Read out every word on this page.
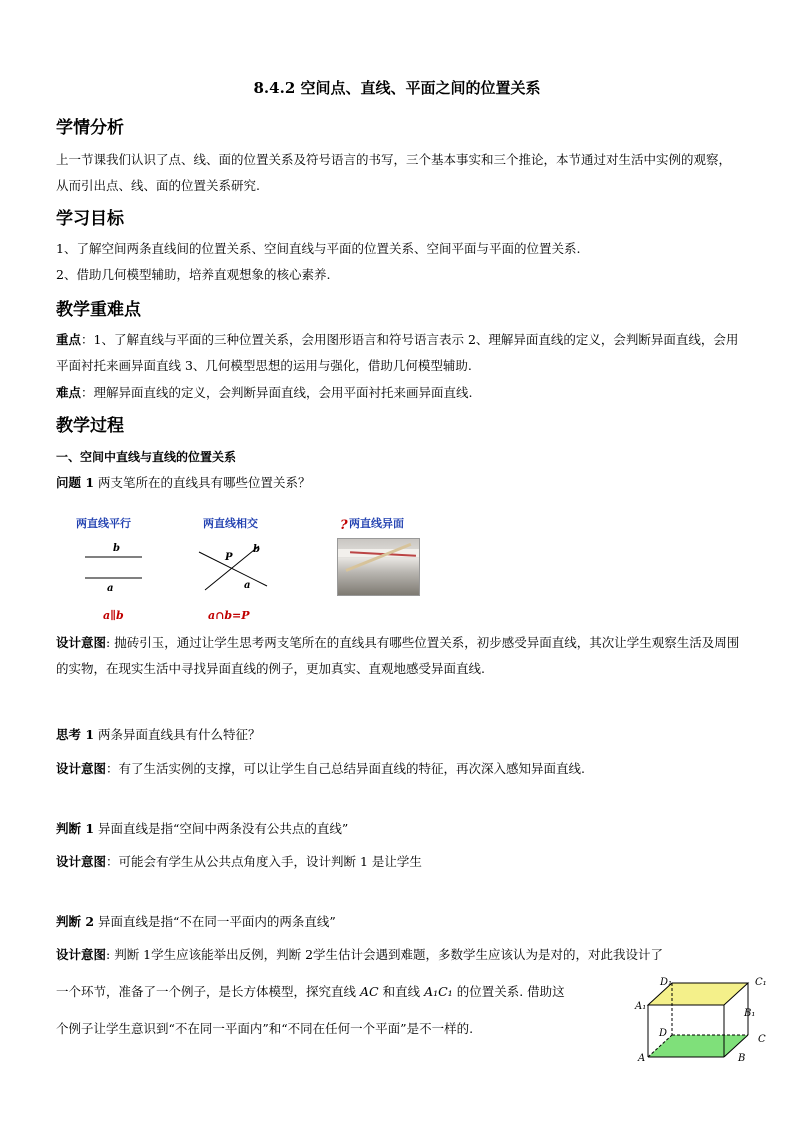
8.4.2 空间点、直线、平面之间的位置关系
学情分析
上一节课我们认识了点、线、面的位置关系及符号语言的书写，三个基本事实和三个推论，本节通过对生活中实例的观察，从而引出点、线、面的位置关系研究.
学习目标
1、了解空间两条直线间的位置关系、空间直线与平面的位置关系、空间平面与平面的位置关系.
2、借助几何模型辅助，培养直观想象的核心素养.
教学重难点
重点：1、了解直线与平面的三种位置关系，会用图形语言和符号语言表示 2、理解异面直线的定义，会判断异面直线，会用平面衬托来画异面直线 3、几何模型思想的运用与强化，借助几何模型辅助.
难点：理解异面直线的定义，会判断异面直线，会用平面衬托来画异面直线.
教学过程
一、空间中直线与直线的位置关系
问题 1 两支笔所在的直线具有哪些位置关系？
两直线平行
b
a
a∥b
两直线相交
P
b
a
a∩b=P
? 两直线异面
设计意图: 抛砖引玉，通过让学生思考两支笔所在的直线具有哪些位置关系，初步感受异面直线，其次让学生观察生活及周围的实物，在现实生活中寻找异面直线的例子，更加真实、直观地感受异面直线.
思考 1 两条异面直线具有什么特征？
设计意图：有了生活实例的支撑，可以让学生自己总结异面直线的特征，再次深入感知异面直线.
判断 1 异面直线是指“空间中两条没有公共点的直线”
设计意图：可能会有学生从公共点角度入手，设计判断 1 是让学生
判断 2 异面直线是指“不在同一平面内的两条直线”
设计意图: 判断 1学生应该能举出反例，判断 2学生估计会遇到难题，多数学生应该认为是对的，对此我设计了
一个环节，准备了一个例子，是长方体模型，探究直线 AC 和直线 A₁C₁ 的位置关系. 借助这
个例子让学生意识到“不在同一平面内”和“不同在任何一个平面”是不一样的.
D₁	C₁
A₁
B₁
D
C
A	B
